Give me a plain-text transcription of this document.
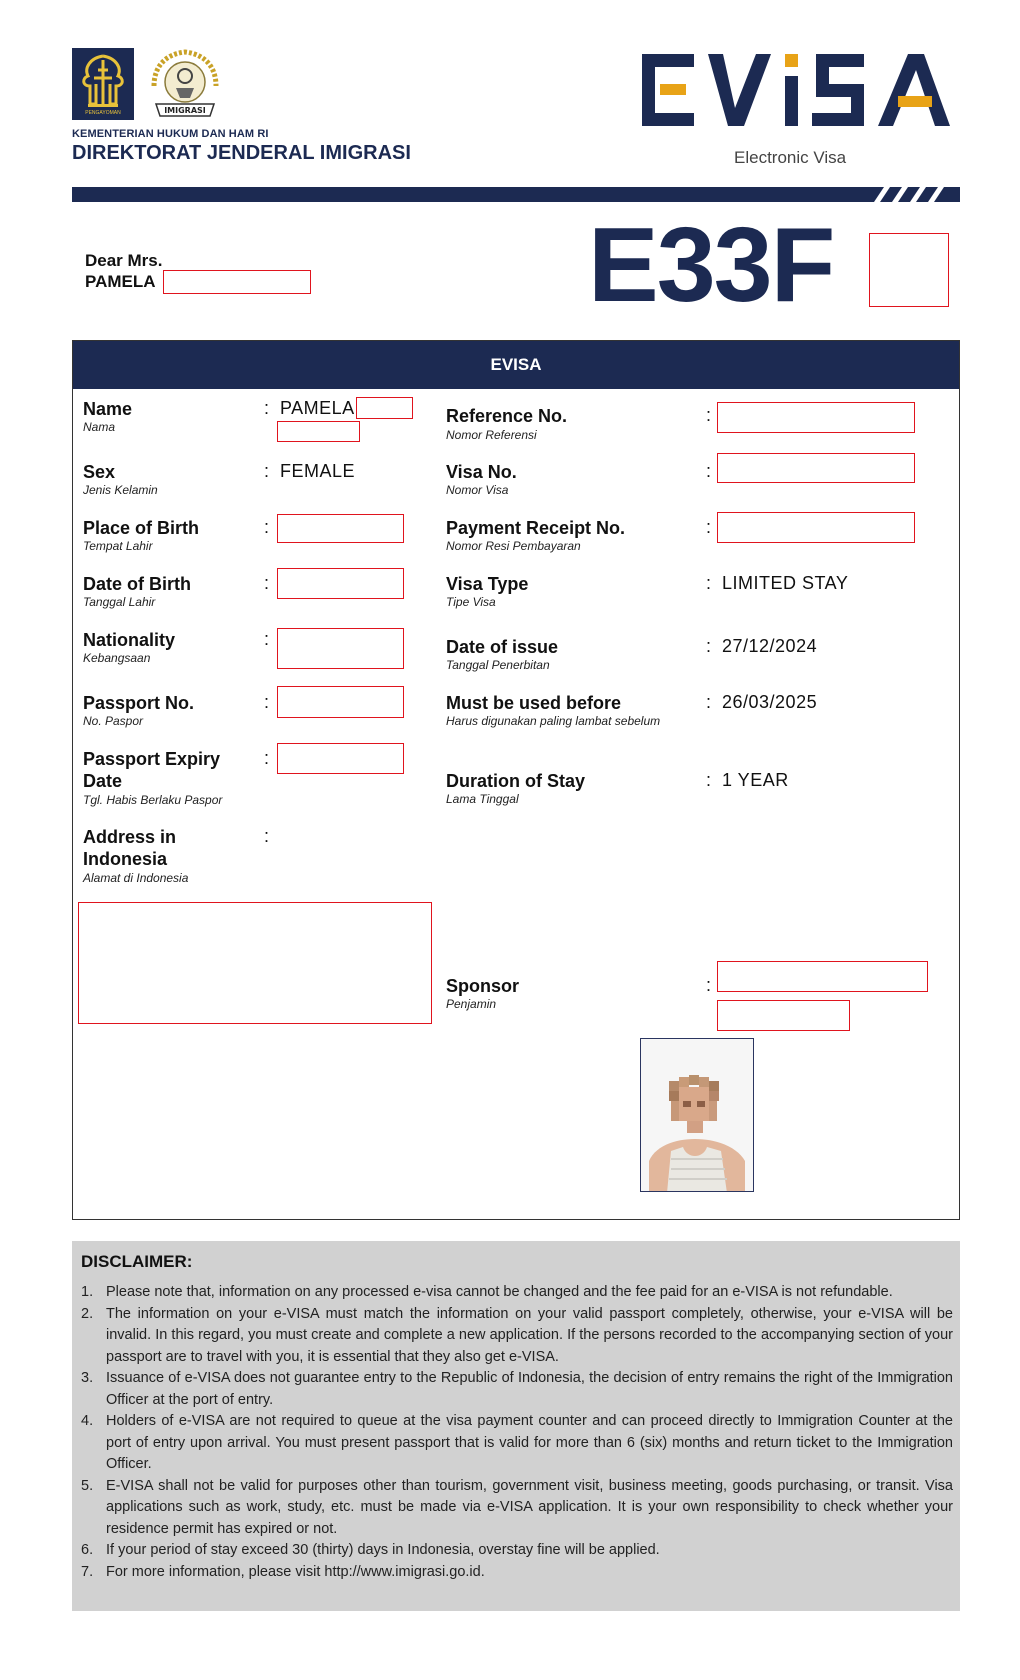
PENGAYOMAN	IMIGRASI
KEMENTERIAN HUKUM DAN HAM RI
DIREKTORAT JENDERAL IMIGRASI	Electronic Visa
Dear Mrs.
PAMELA	E33F
EVISA
Name
Nama
: PAMELA
Sex
Jenis Kelamin
: FEMALE
Place of Birth
Tempat Lahir
:
Date of Birth
Tanggal Lahir
:
Nationality
Kebangsaan
:
Passport No.
No. Paspor
:
Passport Expiry
Date
Tgl. Habis Berlaku Paspor
:
Address in
Indonesia
Alamat di Indonesia
:
Reference No.
Nomor Referensi
:
Visa No.
Nomor Visa
:
Payment Receipt No.
Nomor Resi Pembayaran
:
Visa Type
Tipe Visa
: LIMITED STAY
Date of issue
Tanggal Penerbitan
: 27/12/2024
Must be used before
Harus digunakan paling lambat sebelum
: 26/03/2025
Duration of Stay
Lama Tinggal
: 1 YEAR
Sponsor
Penjamin
:
DISCLAIMER:
1. Please note that, information on any processed e-visa cannot be changed and the fee paid for an e-VISA is not refundable.
2. The information on your e-VISA must match the information on your valid passport completely, otherwise, your e-VISA will be invalid. In this regard, you must create and complete a new application. If the persons recorded to the accompanying section of your passport are to travel with you, it is essential that they also get e-VISA.
3. Issuance of e-VISA does not guarantee entry to the Republic of Indonesia, the decision of entry remains the right of the Immigration Officer at the port of entry.
4. Holders of e-VISA are not required to queue at the visa payment counter and can proceed directly to Immigration Counter at the port of entry upon arrival. You must present passport that is valid for more than 6 (six) months and return ticket to the Immigration Officer.
5. E-VISA shall not be valid for purposes other than tourism, government visit, business meeting, goods purchasing, or transit. Visa applications such as work, study, etc. must be made via e-VISA application. It is your own responsibility to check whether your residence permit has expired or not.
6. If your period of stay exceed 30 (thirty) days in Indonesia, overstay fine will be applied.
7. For more information, please visit http://www.imigrasi.go.id.
